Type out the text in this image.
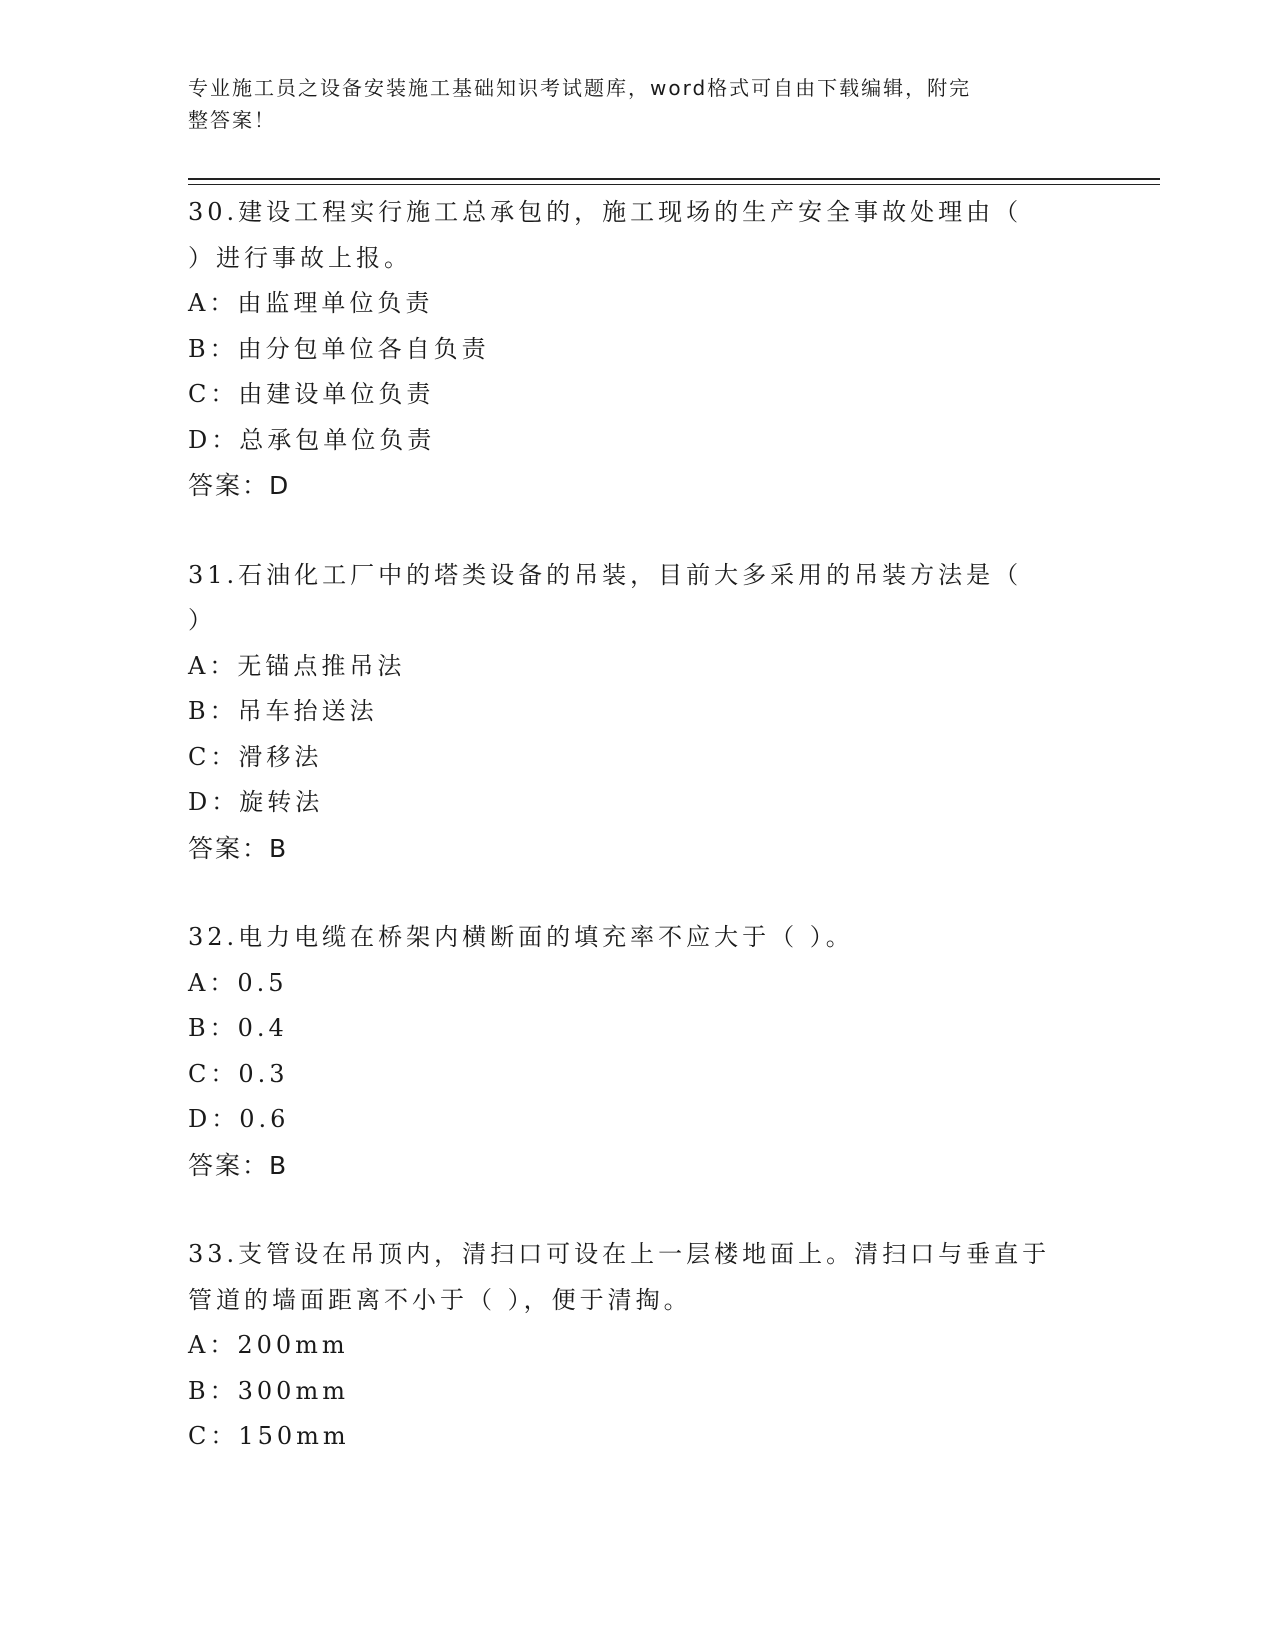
专业施工员之设备安装施工基础知识考试题库，word格式可自由下载编辑，附完
整答案！
30.建设工程实行施工总承包的，施工现场的生产安全事故处理由（
）进行事故上报。
A：由监理单位负责
B：由分包单位各自负责
C：由建设单位负责
D：总承包单位负责
答案：D
31.石油化工厂中的塔类设备的吊装，目前大多采用的吊装方法是（
）
A：无锚点推吊法
B：吊车抬送法
C：滑移法
D：旋转法
答案：B
32.电力电缆在桥架内横断面的填充率不应大于（ ）。
A：0.5
B：0.4
C：0.3
D：0.6
答案：B
33.支管设在吊顶内，清扫口可设在上一层楼地面上。清扫口与垂直于
管道的墙面距离不小于（ ），便于清掏。
A：200mm
B：300mm
C：150mm
